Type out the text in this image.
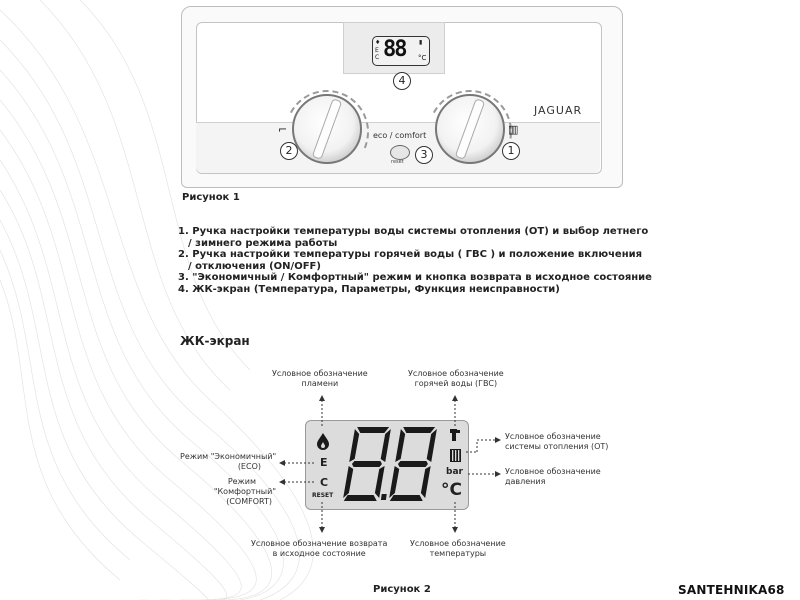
♦
E
C 88 ▮
°C
4
⌐
2
▥
1
JAGUAR
eco / comfort
reset
3
Рисунок 1
1. Ручка настройки температуры воды системы отопления (ОТ) и выбор летнего
/ зимнего режима работы
2. Ручка настройки температуры горячей воды ( ГВС ) и положение включения
/ отключения (ON/OFF)
3. "Экономичный / Комфортный" режим и кнопка возврата в исходное состояние
4. ЖК-экран (Температура, Параметры, Функция неисправности)
ЖК-экран
E
C
RESET
bar
°C
Условное обозначение
пламени
Условное обозначение
горячей воды (ГВС)
Условное обозначение
системы отопления (ОТ)
Условное обозначение
давления
Режим "Экономичный"
(ECO)
Режим
"Комфортный"
(COMFORT)
Условное обозначение возврата
в исходное состояние
Условное обозначение
температуры
Рисунок 2	SANTEHNIKA68
